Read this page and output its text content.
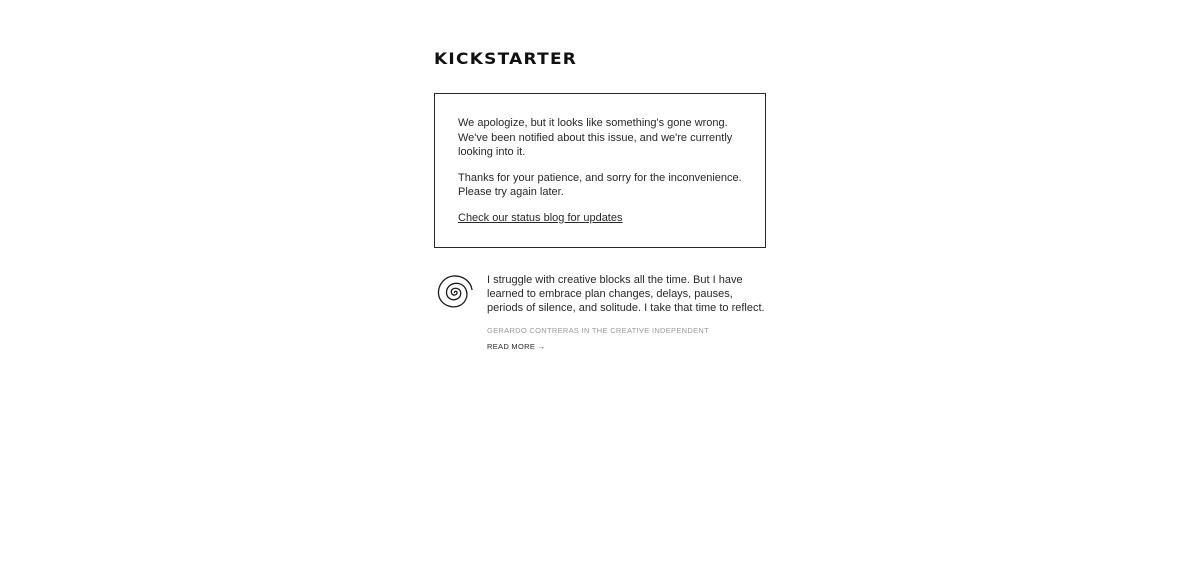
KICKSTARTER

We apologize, but it looks like something's gone wrong. We've been notified about this issue, and we're currently looking into it.

Thanks for your patience, and sorry for the inconvenience. Please try again later.

Check our status blog for updates

I struggle with creative blocks all the time. But I have learned to embrace plan changes, delays, pauses, periods of silence, and solitude. I take that time to reflect.
GERARDO CONTRERAS IN THE CREATIVE INDEPENDENT
READ MORE →
